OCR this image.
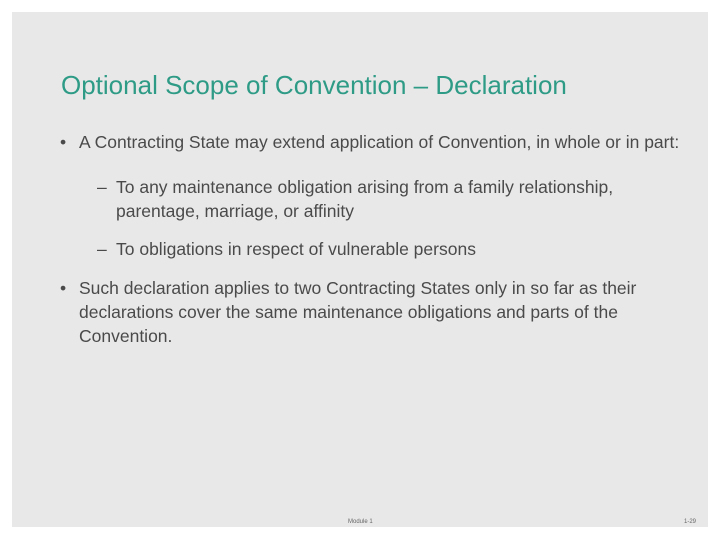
Optional Scope of Convention – Declaration

• A Contracting State may extend application of Convention, in whole or in part:

– To any maintenance obligation arising from a family relationship, parentage, marriage, or affinity

– To obligations in respect of vulnerable persons

• Such declaration applies to two Contracting States only in so far as their declarations cover the same maintenance obligations and parts of the Convention.

Module 1	1-29
